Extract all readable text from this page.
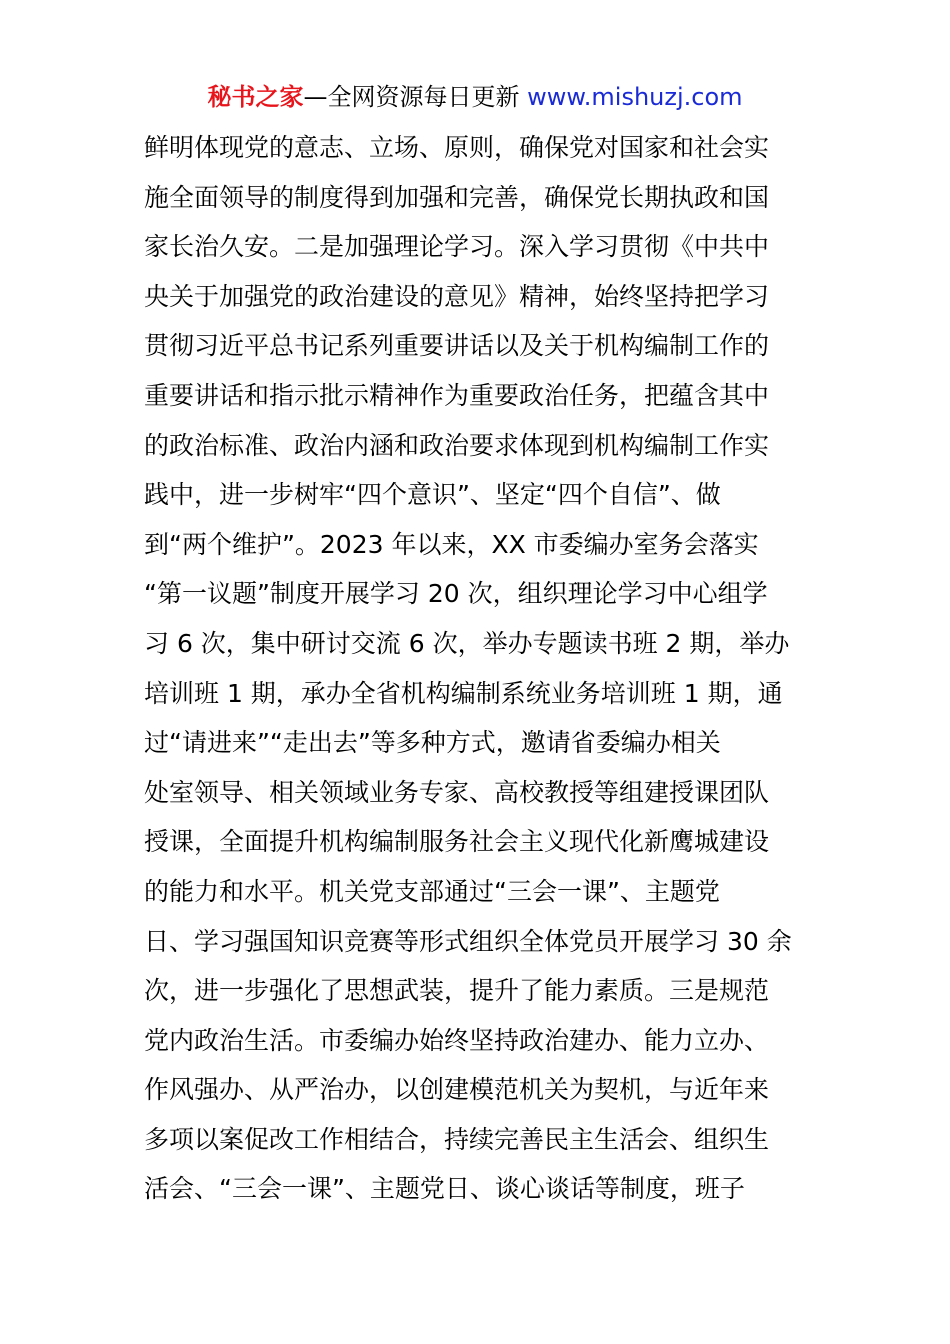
秘书之家—全网资源每日更新 www.mishuzj.com
鲜明体现党的意志、立场、原则，确保党对国家和社会实
施全面领导的制度得到加强和完善，确保党长期执政和国
家长治久安。二是加强理论学习。深入学习贯彻《中共中
央关于加强党的政治建设的意见》精神，始终坚持把学习
贯彻习近平总书记系列重要讲话以及关于机构编制工作的
重要讲话和指示批示精神作为重要政治任务，把蕴含其中
的政治标准、政治内涵和政治要求体现到机构编制工作实
践中，进一步树牢“四个意识”、坚定“四个自信”、做
到“两个维护”。2023 年以来，XX 市委编办室务会落实
“第一议题”制度开展学习 20 次，组织理论学习中心组学
习 6 次，集中研讨交流 6 次，举办专题读书班 2 期，举办
培训班 1 期，承办全省机构编制系统业务培训班 1 期，通
过“请进来”“走出去”等多种方式，邀请省委编办相关
处室领导、相关领域业务专家、高校教授等组建授课团队
授课，全面提升机构编制服务社会主义现代化新鹰城建设
的能力和水平。机关党支部通过“三会一课”、主题党
日、学习强国知识竞赛等形式组织全体党员开展学习 30 余
次，进一步强化了思想武装，提升了能力素质。三是规范
党内政治生活。市委编办始终坚持政治建办、能力立办、
作风强办、从严治办，以创建模范机关为契机，与近年来
多项以案促改工作相结合，持续完善民主生活会、组织生
活会、“三会一课”、主题党日、谈心谈话等制度，班子
